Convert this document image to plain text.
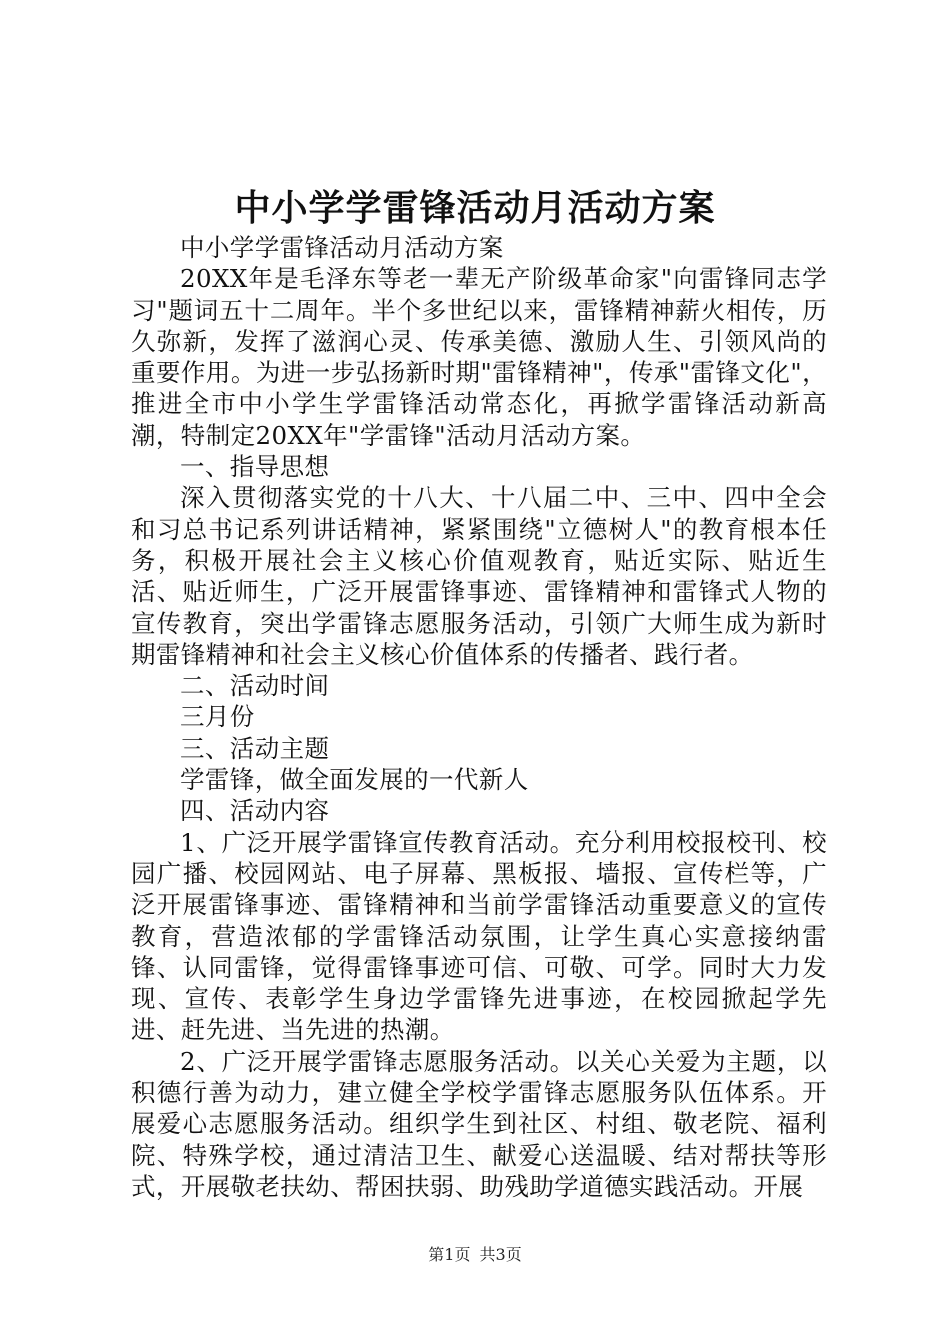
中小学学雷锋活动月活动方案

中小学学雷锋活动月活动方案

20XX年是毛泽东等老一辈无产阶级革命家"向雷锋同志学习"题词五十二周年。半个多世纪以来，雷锋精神薪火相传，历久弥新，发挥了滋润心灵、传承美德、激励人生、引领风尚的重要作用。为进一步弘扬新时期"雷锋精神"，传承"雷锋文化"，推进全市中小学生学雷锋活动常态化，再掀学雷锋活动新高潮，特制定20XX年"学雷锋"活动月活动方案。

一、指导思想

深入贯彻落实党的十八大、十八届二中、三中、四中全会和习总书记系列讲话精神，紧紧围绕"立德树人"的教育根本任务，积极开展社会主义核心价值观教育，贴近实际、贴近生活、贴近师生，广泛开展雷锋事迹、雷锋精神和雷锋式人物的宣传教育，突出学雷锋志愿服务活动，引领广大师生成为新时期雷锋精神和社会主义核心价值体系的传播者、践行者。

二、活动时间

三月份

三、活动主题

学雷锋，做全面发展的一代新人

四、活动内容

1、广泛开展学雷锋宣传教育活动。充分利用校报校刊、校园广播、校园网站、电子屏幕、黑板报、墙报、宣传栏等，广泛开展雷锋事迹、雷锋精神和当前学雷锋活动重要意义的宣传教育，营造浓郁的学雷锋活动氛围，让学生真心实意接纳雷锋、认同雷锋，觉得雷锋事迹可信、可敬、可学。同时大力发现、宣传、表彰学生身边学雷锋先进事迹，在校园掀起学先进、赶先进、当先进的热潮。

2、广泛开展学雷锋志愿服务活动。以关心关爱为主题，以积德行善为动力，建立健全学校学雷锋志愿服务队伍体系。开展爱心志愿服务活动。组织学生到社区、村组、敬老院、福利院、特殊学校，通过清洁卫生、献爱心送温暖、结对帮扶等形式，开展敬老扶幼、帮困扶弱、助残助学道德实践活动。开展

第1页 共3页
